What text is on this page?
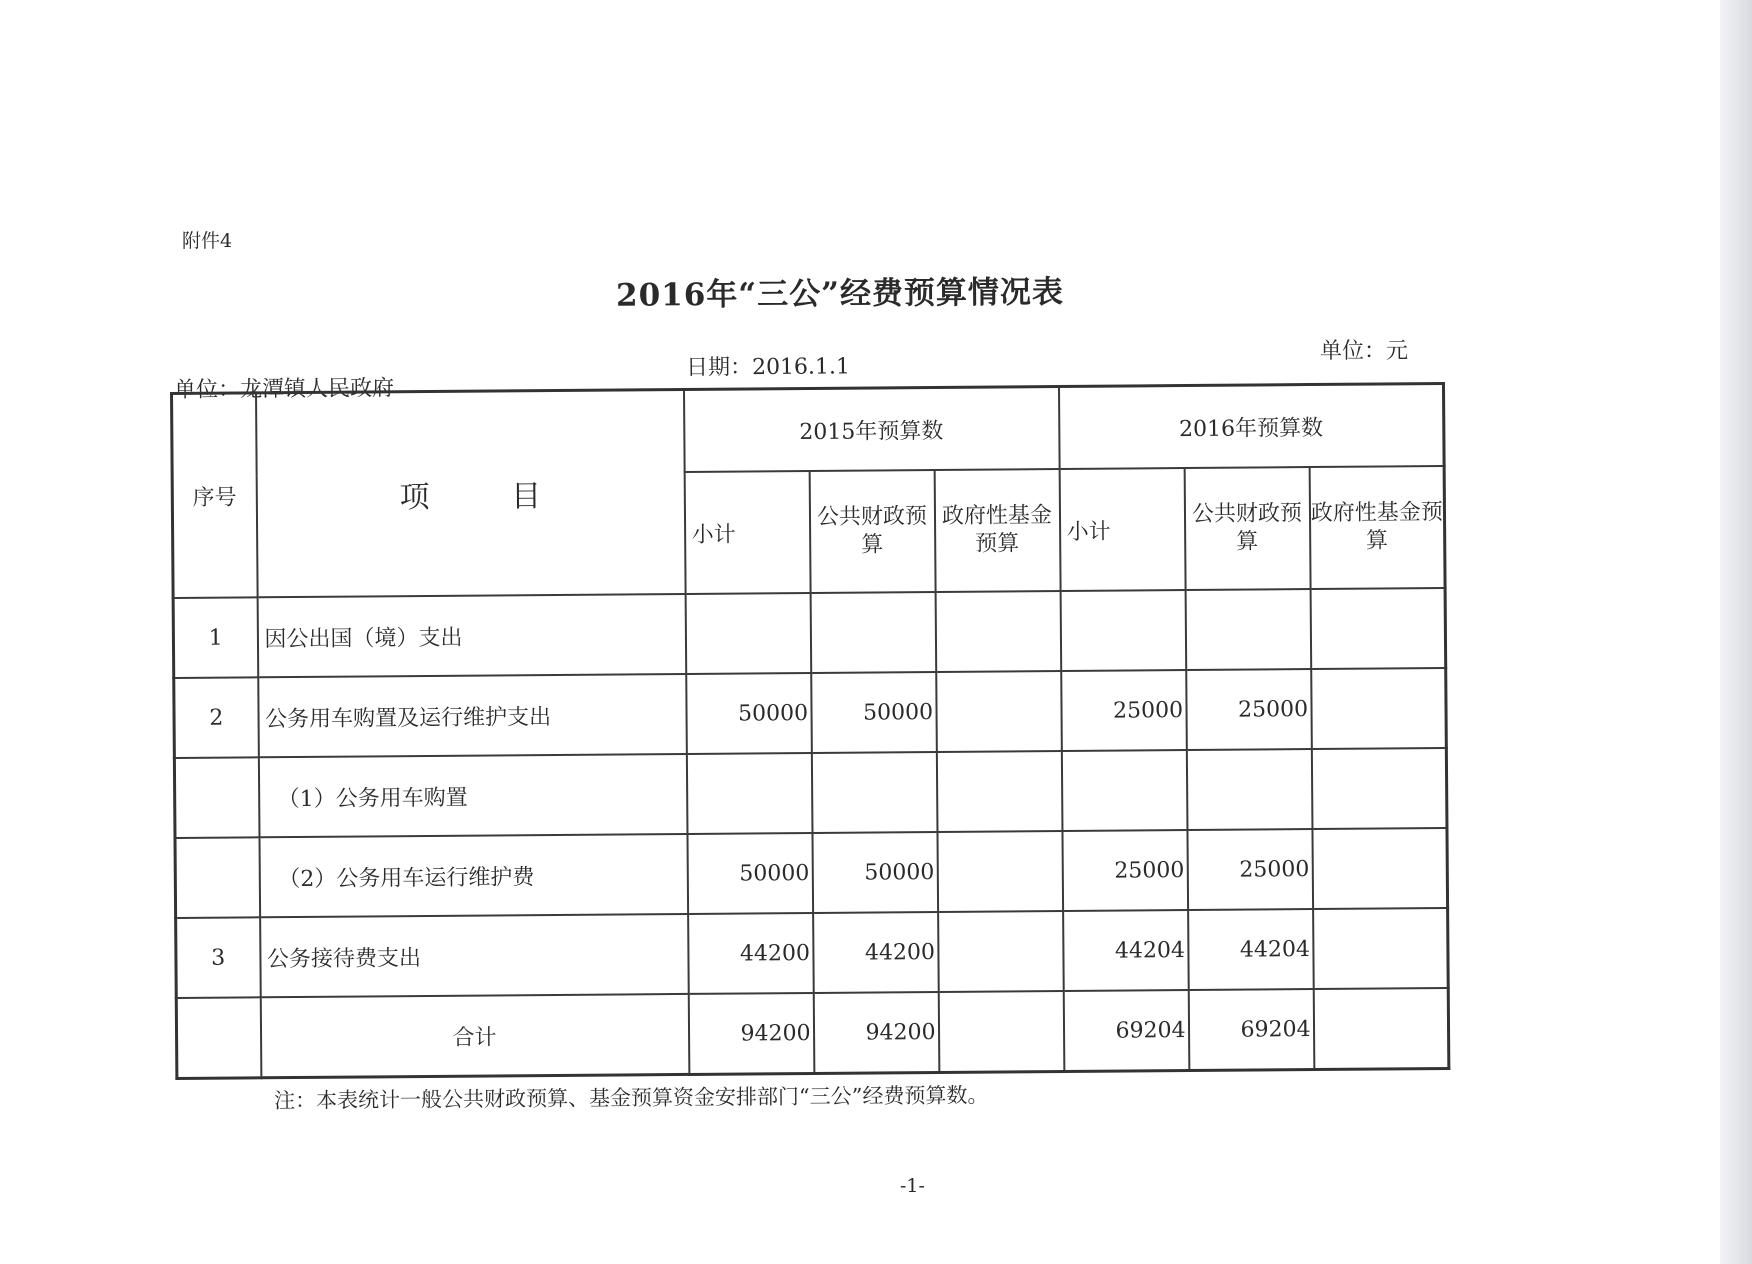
附件4
2016年“三公”经费预算情况表
单位：龙潭镇人民政府
日期：2016.1.1
单位：元
序号	项 目	2015年预算数			2016年预算数		
		小计	公共财政预算	政府性基金预算	小计	公共财政预算	政府性基金预算
1	因公出国（境）支出						
2	公务用车购置及运行维护支出	50000	50000		25000	25000	
	（1）公务用车购置						
	（2）公务用车运行维护费	50000	50000		25000	25000	
3	公务接待费支出	44200	44200		44204	44204	
	合计	94200	94200		69204	69204	
注：本表统计一般公共财政预算、基金预算资金安排部门“三公”经费预算数。
-1-
